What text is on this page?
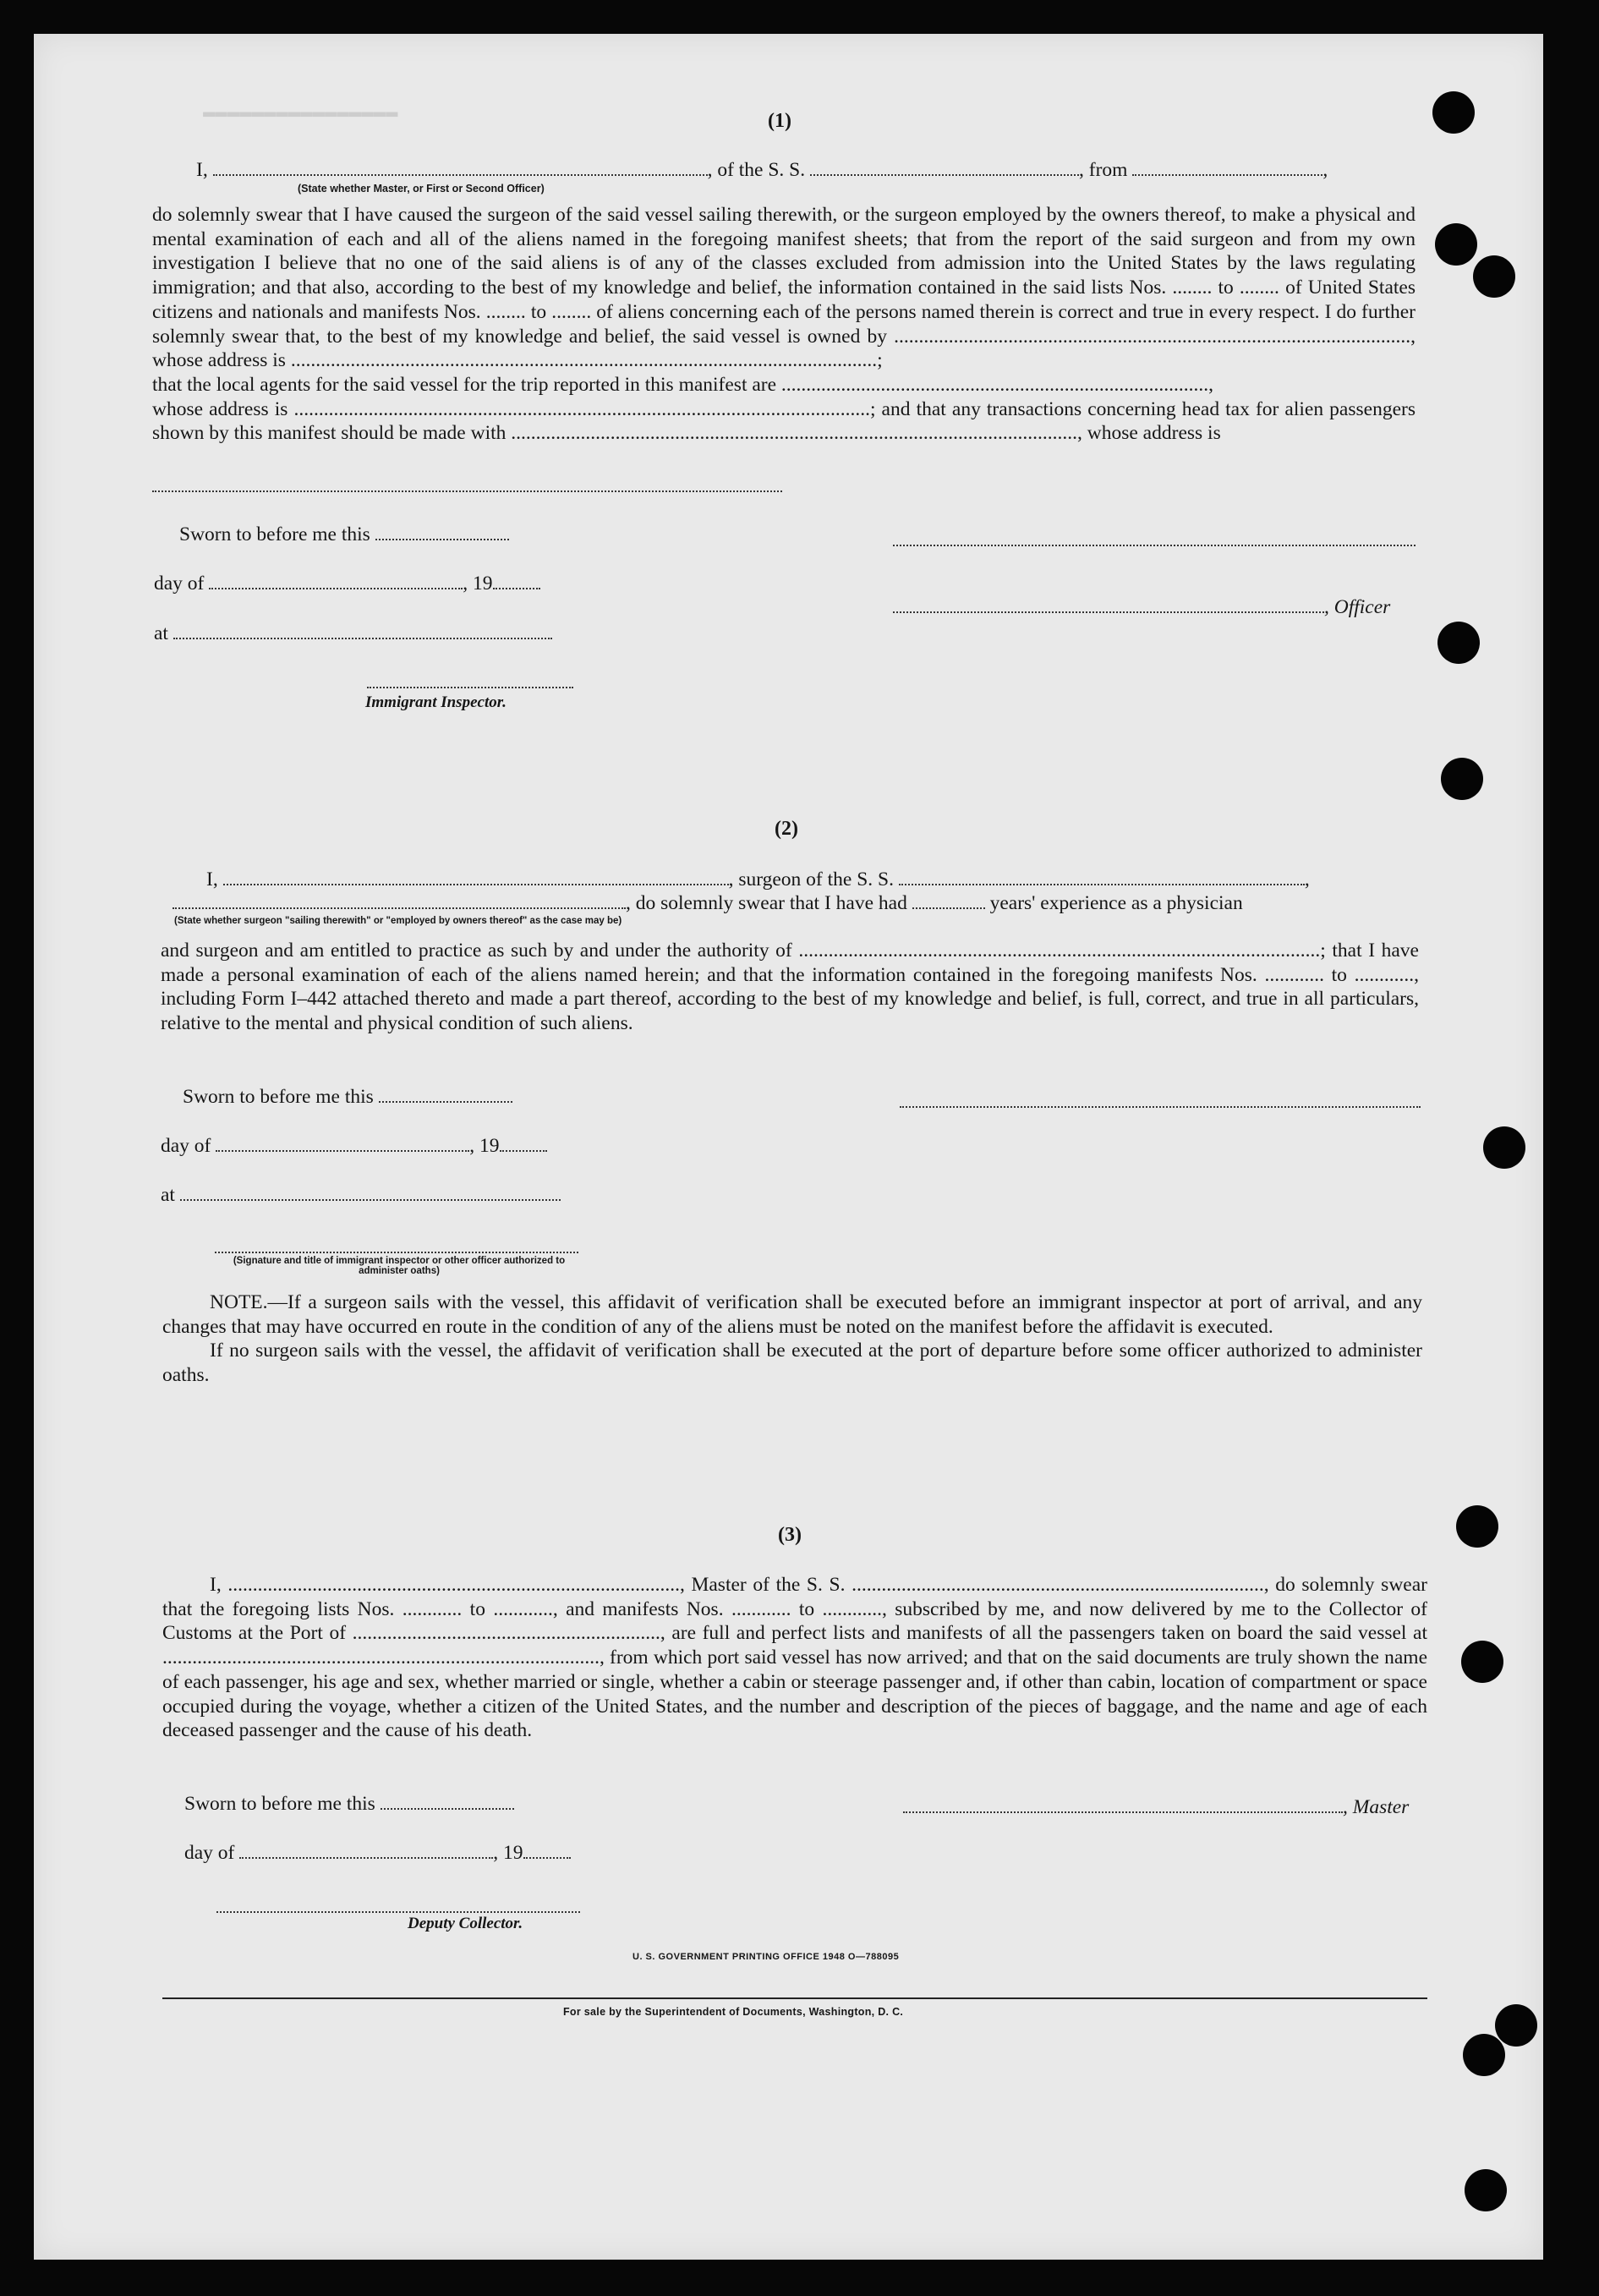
(1)
I,	, of the S. S.	, from	,
(State whether Master, or First or Second Officer)

do solemnly swear that I have caused the surgeon of the said vessel sailing therewith, or the surgeon employed by the owners thereof, to make a physical and mental examination of each and all of the aliens named in the foregoing manifest sheets; that from the report of the said surgeon and from my own investigation I believe that no one of the said aliens is of any of the classes excluded from admission into the United States by the laws regulating immigration; and that also, according to the best of my knowledge and belief, the information contained in the said lists Nos. ........ to ........ of United States citizens and nationals and manifests Nos. ........ to ........ of aliens concerning each of the persons named therein is correct and true in every respect. I do further solemnly swear that, to the best of my knowledge and belief, the said vessel is owned by ........................................................................................................, whose address is ......................................................................................................................;

that the local agents for the said vessel for the trip reported in this manifest are ......................................................................................,

whose address is ....................................................................................................................; and that any transactions concerning head tax for alien passengers shown by this manifest should be made with .................................................................................................................., whose address is

Sworn to before me this
day of	, 19
, Officer
at
Immigrant Inspector.
(2)
I,	, surgeon of the S. S.	,
, do solemnly swear that I have had	years' experience as a physician
(State whether surgeon "sailing therewith" or "employed by owners thereof" as the case may be)

and surgeon and am entitled to practice as such by and under the authority of .........................................................................................................; that I have made a personal examination of each of the aliens named herein; and that the information contained in the foregoing manifests Nos. ............ to ............, including Form I–442 attached thereto and made a part thereof, according to the best of my knowledge and belief, is full, correct, and true in all particulars, relative to the mental and physical condition of such aliens.

Sworn to before me this
day of	, 19
at
(Signature and title of immigrant inspector or other officer authorized to administer oaths)

NOTE.—If a surgeon sails with the vessel, this affidavit of verification shall be executed before an immigrant inspector at port of arrival, and any changes that may have occurred en route in the condition of any of the aliens must be noted on the manifest before the affidavit is executed.

If no surgeon sails with the vessel, the affidavit of verification shall be executed at the port of departure before some officer authorized to administer oaths.

(3)

I, ..........................................................................................., Master of the S. S. ..................................................................................., do solemnly swear that the foregoing lists Nos. ............ to ............, and manifests Nos. ............ to ............, subscribed by me, and now delivered by me to the Collector of Customs at the Port of .............................................................., are full and perfect lists and manifests of all the passengers taken on board the said vessel at ........................................................................................, from which port said vessel has now arrived; and that on the said documents are truly shown the name of each passenger, his age and sex, whether married or single, whether a cabin or steerage passenger and, if other than cabin, location of compartment or space occupied during the voyage, whether a citizen of the United States, and the number and description of the pieces of baggage, and the name and age of each deceased passenger and the cause of his death.

Sworn to before me this	, Master
day of	, 19
Deputy Collector.
U. S. GOVERNMENT PRINTING OFFICE 1948 O—788095
For sale by the Superintendent of Documents, Washington, D. C.
